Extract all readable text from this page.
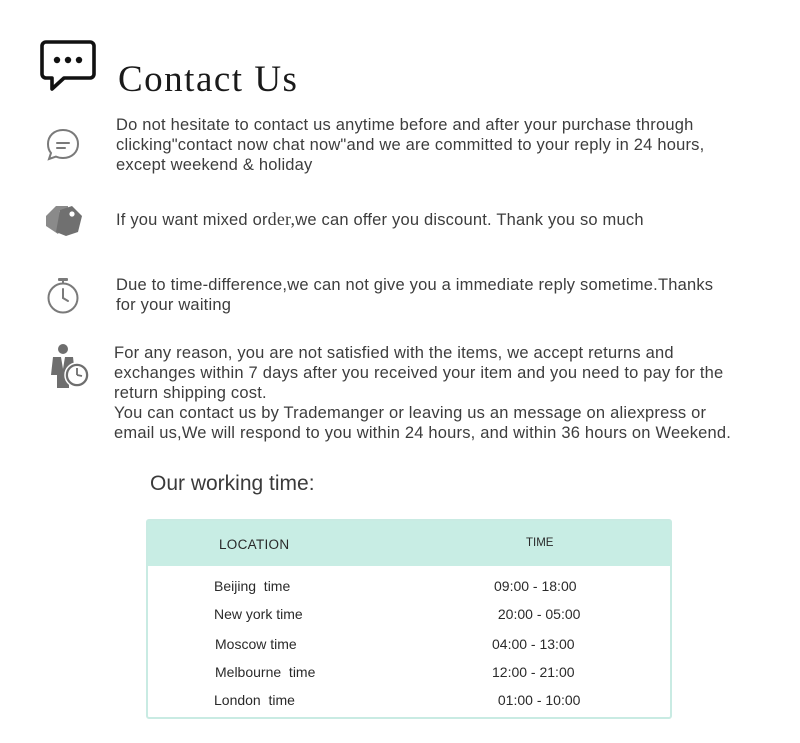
Contact Us

Do not hesitate to contact us anytime before and after your purchase through

clicking"contact now chat now"and we are committed to your reply in 24 hours,

except weekend & holiday

If you want mixed order,we can offer you discount. Thank you so much

Due to time-difference,we can not give you a immediate reply sometime.Thanks

for your waiting

For any reason, you are not satisfied with the items, we accept returns and

exchanges within 7 days after you received your item and you need to pay for the

return shipping cost.

You can contact us by Trademanger or leaving us an message on aliexpress or

email us,We will respond to you within 24 hours, and within 36 hours on Weekend.

Our working time:
LOCATION	TIME
Beijing  time	09:00 - 18:00
New york time	20:00 - 05:00
Moscow time	04:00 - 13:00
Melbourne  time	12:00 - 21:00
London  time	01:00 - 10:00
